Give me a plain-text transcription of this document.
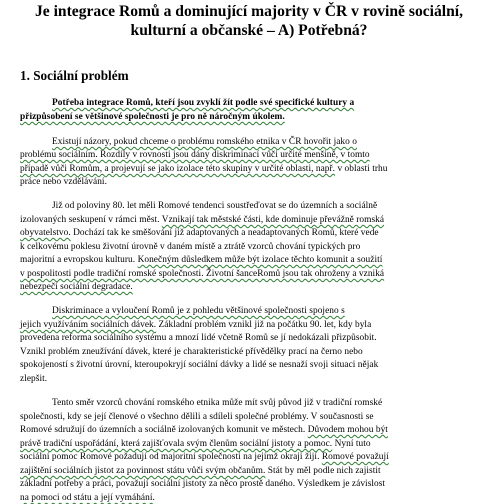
Je integrace Romů a dominující majority v ČR v rovině sociální,
kulturní a občanské – A) Potřebná?
1. Sociální problém
Potřeba integrace Romů, kteří jsou zvyklí žít podle své specifické kultury a
přizpůsobení se většinové společnosti je pro ně náročným úkolem.
Existují názory, pokud chceme o problému romského etnika v ČR hovořit jako o
problému sociálním. Rozdíly v rovnosti jsou dány diskriminací vůči určité menšině, v tomto
případě vůči Romům, a projevují se jako izolace této skupiny v určité oblasti, např. v oblasti trhu
práce nebo vzdělávání.
Již od poloviny 80. let měli Romové tendenci soustřeďovat se do územních a sociálně
izolovaných seskupení v rámci měst. Vznikají tak městské části, kde dominuje převážně romská
obyvatelstvo. Dochází tak ke směšování již adaptovaných a neadaptovaných Romů, které vede
k celkovému poklesu životní úrovně v daném místě a ztrátě vzorců chování typických pro
majoritní a evropskou kulturu. Konečným důsledkem může být izolace těchto komunit a soužití
v pospolitosti podle tradiční romské společnosti. Životní šanceRomů jsou tak ohroženy a vzniká
nebezpečí sociální degradace.
Diskriminace a vyloučení Romů je z pohledu většinové společnosti spojeno s
jejich využíváním sociálních dávek. Základní problém vznikl již na počátku 90. let, kdy byla
provedena reforma sociálního systému a mnozí lidé včetně Romů se jí nedokázali přizpůsobit.
Vznikl problém zneužívání dávek, které je charakteristické přívědělky prací na černo nebo
spokojeností s životní úrovní, kteroupokryjí sociální dávky a lidé se nesnaží svoji situaci nějak
zlepšit.
Tento směr vzorců chování romského etnika může mít svůj původ již v tradiční romské
společnosti, kdy se její členové o všechno dělili a sdíleli společné problémy. V současnosti se
Romové sdružují do územních a sociálně izolovaných komunit ve městech. Důvodem mohou být
právě tradiční uspořádání, která zajišťovala svým členům sociální jistoty a pomoc. Nyní tuto
sociální pomoc Romové požadují od majoritní společnosti na jejímž okraji žijí. Romové považují
zajištění sociálních jistot za povinnost státu vůči svým občanům. Stát by měl podle nich zajistit
základní potřeby a práci, považují sociální jistoty za něco prostě daného. Výsledkem je závislost
na pomoci od státu a její vymáhání.
